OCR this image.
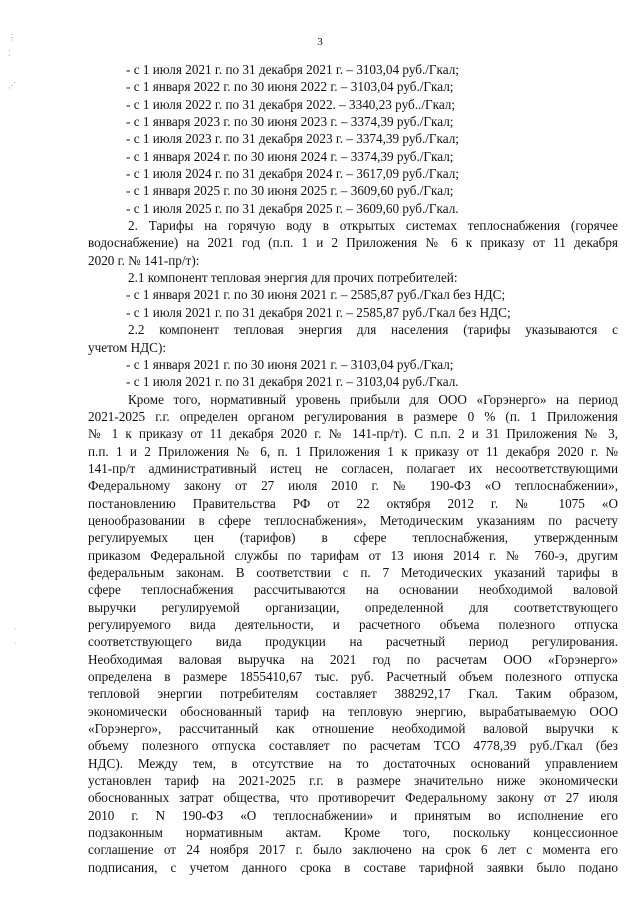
⋮

⁚

⋰
˙
ˌ
3
- с 1 июля 2021 г. по 31 декабря 2021 г. – 3103,04 руб./Гкал;
- с 1 января 2022 г. по 30 июня 2022 г. – 3103,04 руб./Гкал;
- с 1 июля 2022 г. по 31 декабря 2022. – 3340,23 руб../Гкал;
- с 1 января 2023 г. по 30 июня 2023 г. – 3374,39 руб./Гкал;
- с 1 июля 2023 г. по 31 декабря 2023 г. – 3374,39 руб./Гкал;
- с 1 января 2024 г. по 30 июня 2024 г. – 3374,39 руб./Гкал;
- с 1 июля 2024 г. по 31 декабря 2024 г. – 3617,09 руб./Гкал;
- с 1 января 2025 г. по 30 июня 2025 г. – 3609,60 руб./Гкал;
- с 1 июля 2025 г. по 31 декабря 2025 г. – 3609,60 руб./Гкал.
2. Тарифы на горячую воду в открытых системах теплоснабжения (горячее
водоснабжение) на 2021 год (п.п. 1 и 2 Приложения № 6 к приказу от 11 декабря
2020 г. № 141-пр/т):
2.1 компонент тепловая энергия для прочих потребителей:
- с 1 января 2021 г. по 30 июня 2021 г. – 2585,87 руб./Гкал без НДС;
- с 1 июля 2021 г. по 31 декабря 2021 г. – 2585,87 руб./Гкал без НДС;
2.2 компонент тепловая энергия для населения (тарифы указываются с
учетом НДС):
- с 1 января 2021 г. по 30 июня 2021 г. – 3103,04 руб./Гкал;
- с 1 июля 2021 г. по 31 декабря 2021 г. – 3103,04 руб./Гкал.
Кроме того, нормативный уровень прибыли для ООО «Горэнерго» на период
2021-2025 г.г. определен органом регулирования в размере 0 % (п. 1 Приложения
№ 1 к приказу от 11 декабря 2020 г. № 141-пр/т). С п.п. 2 и 31 Приложения № 3,
п.п. 1 и 2 Приложения № 6, п. 1 Приложения 1 к приказу от 11 декабря 2020 г. №
141-пр/т административный истец не согласен, полагает их несоответствующими
Федеральному закону от 27 июля 2010 г. № 190-ФЗ «О теплоснабжении»,
постановлению Правительства РФ от 22 октября 2012 г. № 1075 «О
ценообразовании в сфере теплоснабжения», Методическим указаниям по расчету
регулируемых цен (тарифов) в сфере теплоснабжения, утвержденным
приказом Федеральной службы по тарифам от 13 июня 2014 г. № 760-э, другим
федеральным законам. В соответствии с п. 7 Методических указаний тарифы в
сфере теплоснабжения рассчитываются на основании необходимой валовой
выручки регулируемой организации, определенной для соответствующего
регулируемого вида деятельности, и расчетного объема полезного отпуска
соответствующего вида продукции на расчетный период регулирования.
Необходимая валовая выручка на 2021 год по расчетам ООО «Горэнерго»
определена в размере 1855410,67 тыс. руб. Расчетный объем полезного отпуска
тепловой энергии потребителям составляет 388292,17 Гкал. Таким образом,
экономически обоснованный тариф на тепловую энергию, вырабатываемую ООО
«Горэнерго», рассчитанный как отношение необходимой валовой выручки к
объему полезного отпуска составляет по расчетам ТСО 4778,39 руб./Гкал (без
НДС). Между тем, в отсутствие на то достаточных оснований управлением
установлен тариф на 2021-2025 г.г. в размере значительно ниже экономически
обоснованных затрат общества, что противоречит Федеральному закону от 27 июля
2010 г. N 190-ФЗ «О теплоснабжении» и принятым во исполнение его
подзаконным нормативным актам. Кроме того, поскольку концессионное
соглашение от 24 ноября 2017 г. было заключено на срок 6 лет с момента его
подписания, с учетом данного срока в составе тарифной заявки было подано
